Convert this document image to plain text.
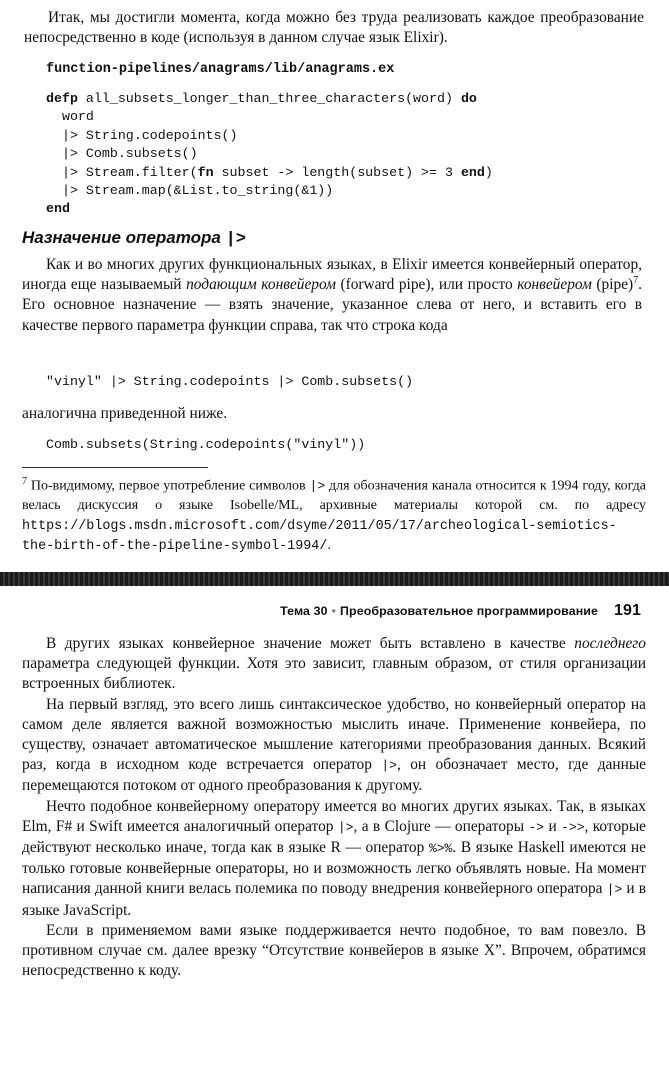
Итак, мы достигли момента, когда можно без труда реализовать каждое преобразование непосредственно в коде (используя в данном случае язык Elixir).

function-pipelines/anagrams/lib/anagrams.ex
defp all_subsets_longer_than_three_characters(word) do
word
|> String.codepoints()
|> Comb.subsets()
|> Stream.filter(fn subset -> length(subset) >= 3 end)
|> Stream.map(&List.to_string(&1))
end
Назначение оператора |>

Как и во многих других функциональных языках, в Elixir имеется конвейерный оператор, иногда еще называемый подающим конвейером (forward pipe), или просто конвейером (pipe)$^7$. Его основное назначение — взять значение, указанное слева от него, и вставить его в качестве первого параметра функции справа, так что строка кода

"vinyl" |> String.codepoints |> Comb.subsets()

аналогична приведенной ниже.

Comb.subsets(String.codepoints("vinyl"))

$^7$ По-видимому, первое употребление символов |> для обозначения канала относится к 1994 году, когда велась дискуссия о языке Isobelle/ML, архивные материалы которой см. по адресу https://blogs.msdn.microsoft.com/dsyme/2011/05/17/archeological-semiotics-the-birth-of-the-pipeline-symbol-1994/.

Тема 30 • Преобразовательное программирование 191

В других языках конвейерное значение может быть вставлено в качестве последнего параметра следующей функции. Хотя это зависит, главным образом, от стиля организации встроенных библиотек.

На первый взгляд, это всего лишь синтаксическое удобство, но конвейерный оператор на самом деле является важной возможностью мыслить иначе. Применение конвейера, по существу, означает автоматическое мышление категориями преобразования данных. Всякий раз, когда в исходном коде встречается оператор |>, он обозначает место, где данные перемещаются потоком от одного преобразования к другому.

Нечто подобное конвейерному оператору имеется во многих других языках. Так, в языках Elm, F# и Swift имеется аналогичный оператор |>, а в Clojure — операторы -> и ->>, которые действуют несколько иначе, тогда как в языке R — оператор %>%. В языке Haskell имеются не только готовые конвейерные операторы, но и возможность легко объявлять новые. На момент написания данной книги велась полемика по поводу внедрения конвейерного оператора |> и в языке JavaScript.

Если в применяемом вами языке поддерживается нечто подобное, то вам повезло. В противном случае см. далее врезку “Отсутствие конвейеров в языке X”. Впрочем, обратимся непосредственно к коду.
